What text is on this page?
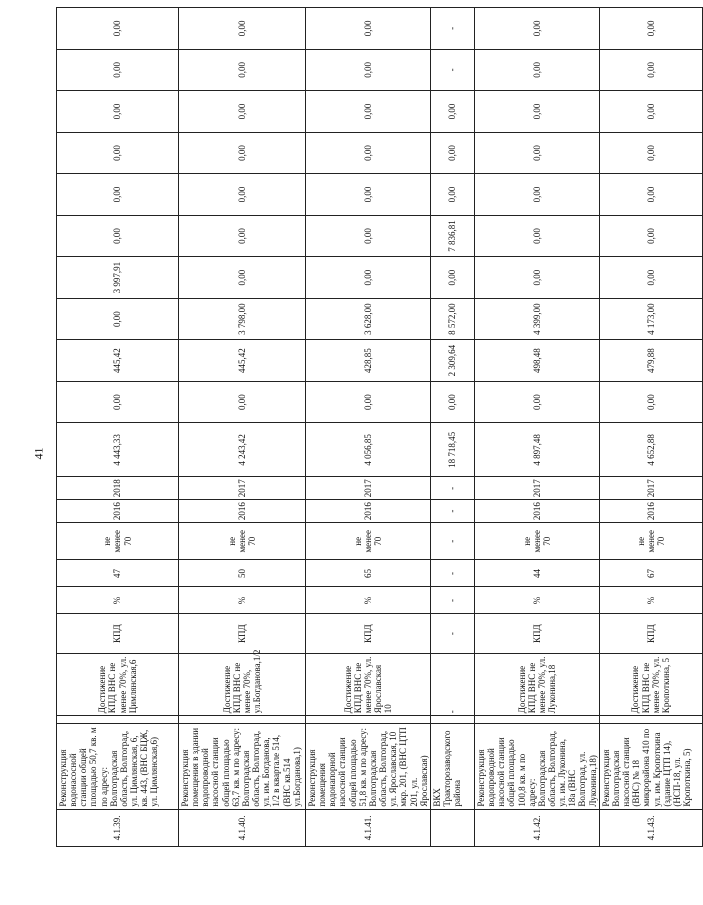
41
4.1.39.	Реконструкция водонасосной станции общей площадью 50,7 кв. м по адресу: Волгоградская область, Волгоград, ул. Цимлянская, 6, кв. 443, (ВНС БЦЖ, ул. Цимлянская,6)		Достижение КПД ВНС не менее 70%, ул. Цимлянская,6	КПД	%	47	не менее 70	2016	2018	4 443,33	0,00	445,42	0,00	3 997,91	0,00	0,00	0,00	0,00	0,00	0,00
4.1.40.	Реконструкция помещения в здании водопроводной насосной станции общей площадью 63,7 кв. м по адресу: Волгоградская область, Волгоград, ул. им. Богданова, 1/2 в квартале 514, (ВНС кв.514 ул.Богданова,1)		Достижение КПД ВНС не менее 70%, ул.Богданова,1/2	КПД	%	50	не менее 70	2016	2017	4 243,42	0,00	445,42	3 798,00	0,00	0,00	0,00	0,00	0,00	0,00	0,00
4.1.41.	Реконструкция помещения водонапорной насосной станции общей площадью 51,8 кв. м по адресу: Волгоградская область, Волгоград, ул. Ярославская, 10 мкр. 201, (ВНС ЦТП 201, ул. Ярославская)		Достижение КПД ВНС не менее 70%, ул. Ярославская 10	КПД	%	65	не менее 70	2016	2017	4 056,85	0,00	428,85	3 628,00	0,00	0,00	0,00	0,00	0,00	0,00	0,00
	ВКХ Тракторозаводского района		-	-	-	-	-	-	-	18 718,45	0,00	2 309,64	8 572,00	0,00	7 836,81	0,00	0,00	0,00	-	-
4.1.42.	Реконструкция водопроводной насосной станции общей площадью 100,8 кв. м по адресу: Волгоградская область, Волгоград, ул. им. Луконина, 18а (ВНС Волгоград, ул. Луконина,18)		Достижение КПД ВНС не менее 70%, ул. Луконина,18	КПД	%	44	не менее 70	2016	2017	4 897,48	0,00	498,48	4 399,00	0,00	0,00	0,00	0,00	0,00	0,00	0,00
4.1.43.	Реконструкция Волгоградская насосной станции (ВНС) № 18 микрорайона 410 по ул. им. Кропоткина (здание ЦТП 14), (НСП-18, ул. Кропоткина, 5)		Достижение КПД ВНС не менее 70%, ул. Кропоткина, 5	КПД	%	67	не менее 70	2016	2017	4 652,88	0,00	479,88	4 173,00	0,00	0,00	0,00	0,00	0,00	0,00	0,00
